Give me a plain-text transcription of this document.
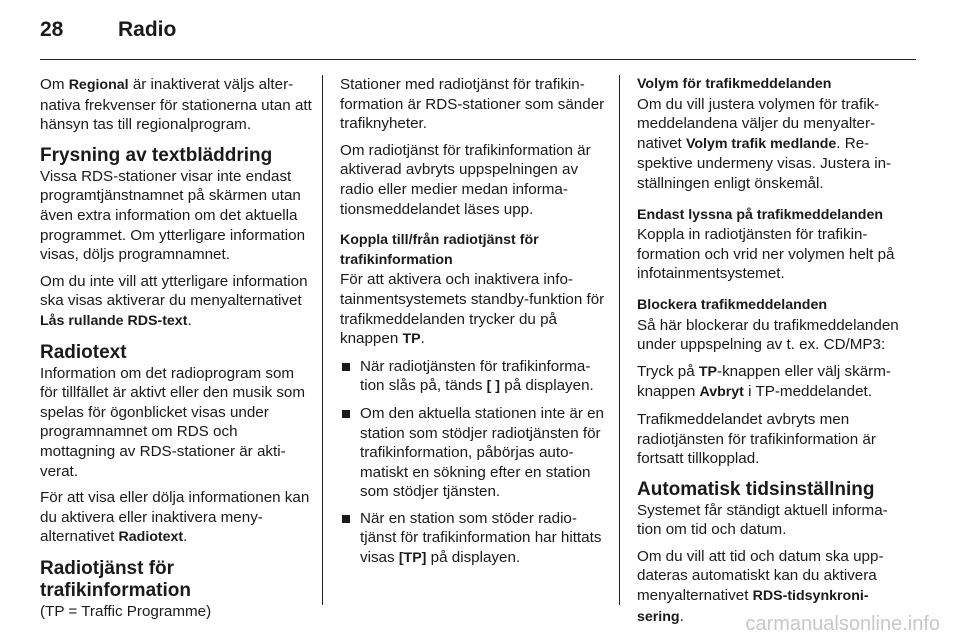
28	Radio

Om Regional är inaktiverat väljs alternativa frekvenser för stationerna utan att hänsyn tas till regionalprogram.

Frysning av textbläddring

Vissa RDS-stationer visar inte endast programtjänstnamnet på skärmen utan även extra information om det aktuella programmet. Om ytterligare information visas, döljs programnamnet.

Om du inte vill att ytterligare information ska visas aktiverar du menyalternativet Lås rullande RDS-text.

Radiotext

Information om det radioprogram som för tillfället är aktivt eller den musik som spelas för ögonblicket visas under programnamnet om RDS och mottagning av RDS-stationer är aktiverat.

För att visa eller dölja informationen kan du aktivera eller inaktivera menyalternativet Radiotext.

Radiotjänst för trafikinformation

(TP = Traffic Programme)

Stationer med radiotjänst för trafikinformation är RDS-stationer som sänder trafiknyheter.

Om radiotjänst för trafikinformation är aktiverad avbryts uppspelningen av radio eller medier medan informationsmeddelandet läses upp.

Koppla till/från radiotjänst för trafikinformation

För att aktivera och inaktivera infotainmentsystemets standby-funktion för trafikmeddelanden trycker du på knappen TP.

När radiotjänsten för trafikinformation slås på, tänds [ ] på displayen.
Om den aktuella stationen inte är en station som stödjer radiotjänsten för trafikinformation, påbörjas automatiskt en sökning efter en station som stödjer tjänsten.
När en station som stöder radiotjänst för trafikinformation har hittats visas [TP] på displayen.
Volym för trafikmeddelanden

Om du vill justera volymen för trafikmeddelandena väljer du menyalternativet Volym trafik medlande. Respektive undermeny visas. Justera inställningen enligt önskemål.

Endast lyssna på trafikmeddelanden

Koppla in radiotjänsten för trafikinformation och vrid ner volymen helt på infotainmentsystemet.

Blockera trafikmeddelanden

Så här blockerar du trafikmeddelanden under uppspelning av t. ex. CD/MP3:

Tryck på TP-knappen eller välj skärmknappen Avbryt i TP-meddelandet.

Trafikmeddelandet avbryts men radiotjänsten för trafikinformation är fortsatt tillkopplad.

Automatisk tidsinställning

Systemet får ständigt aktuell information om tid och datum.

Om du vill att tid och datum ska uppdateras automatiskt kan du aktivera menyalternativet RDS-tidsynkronisering.	carmanualsonline.info
